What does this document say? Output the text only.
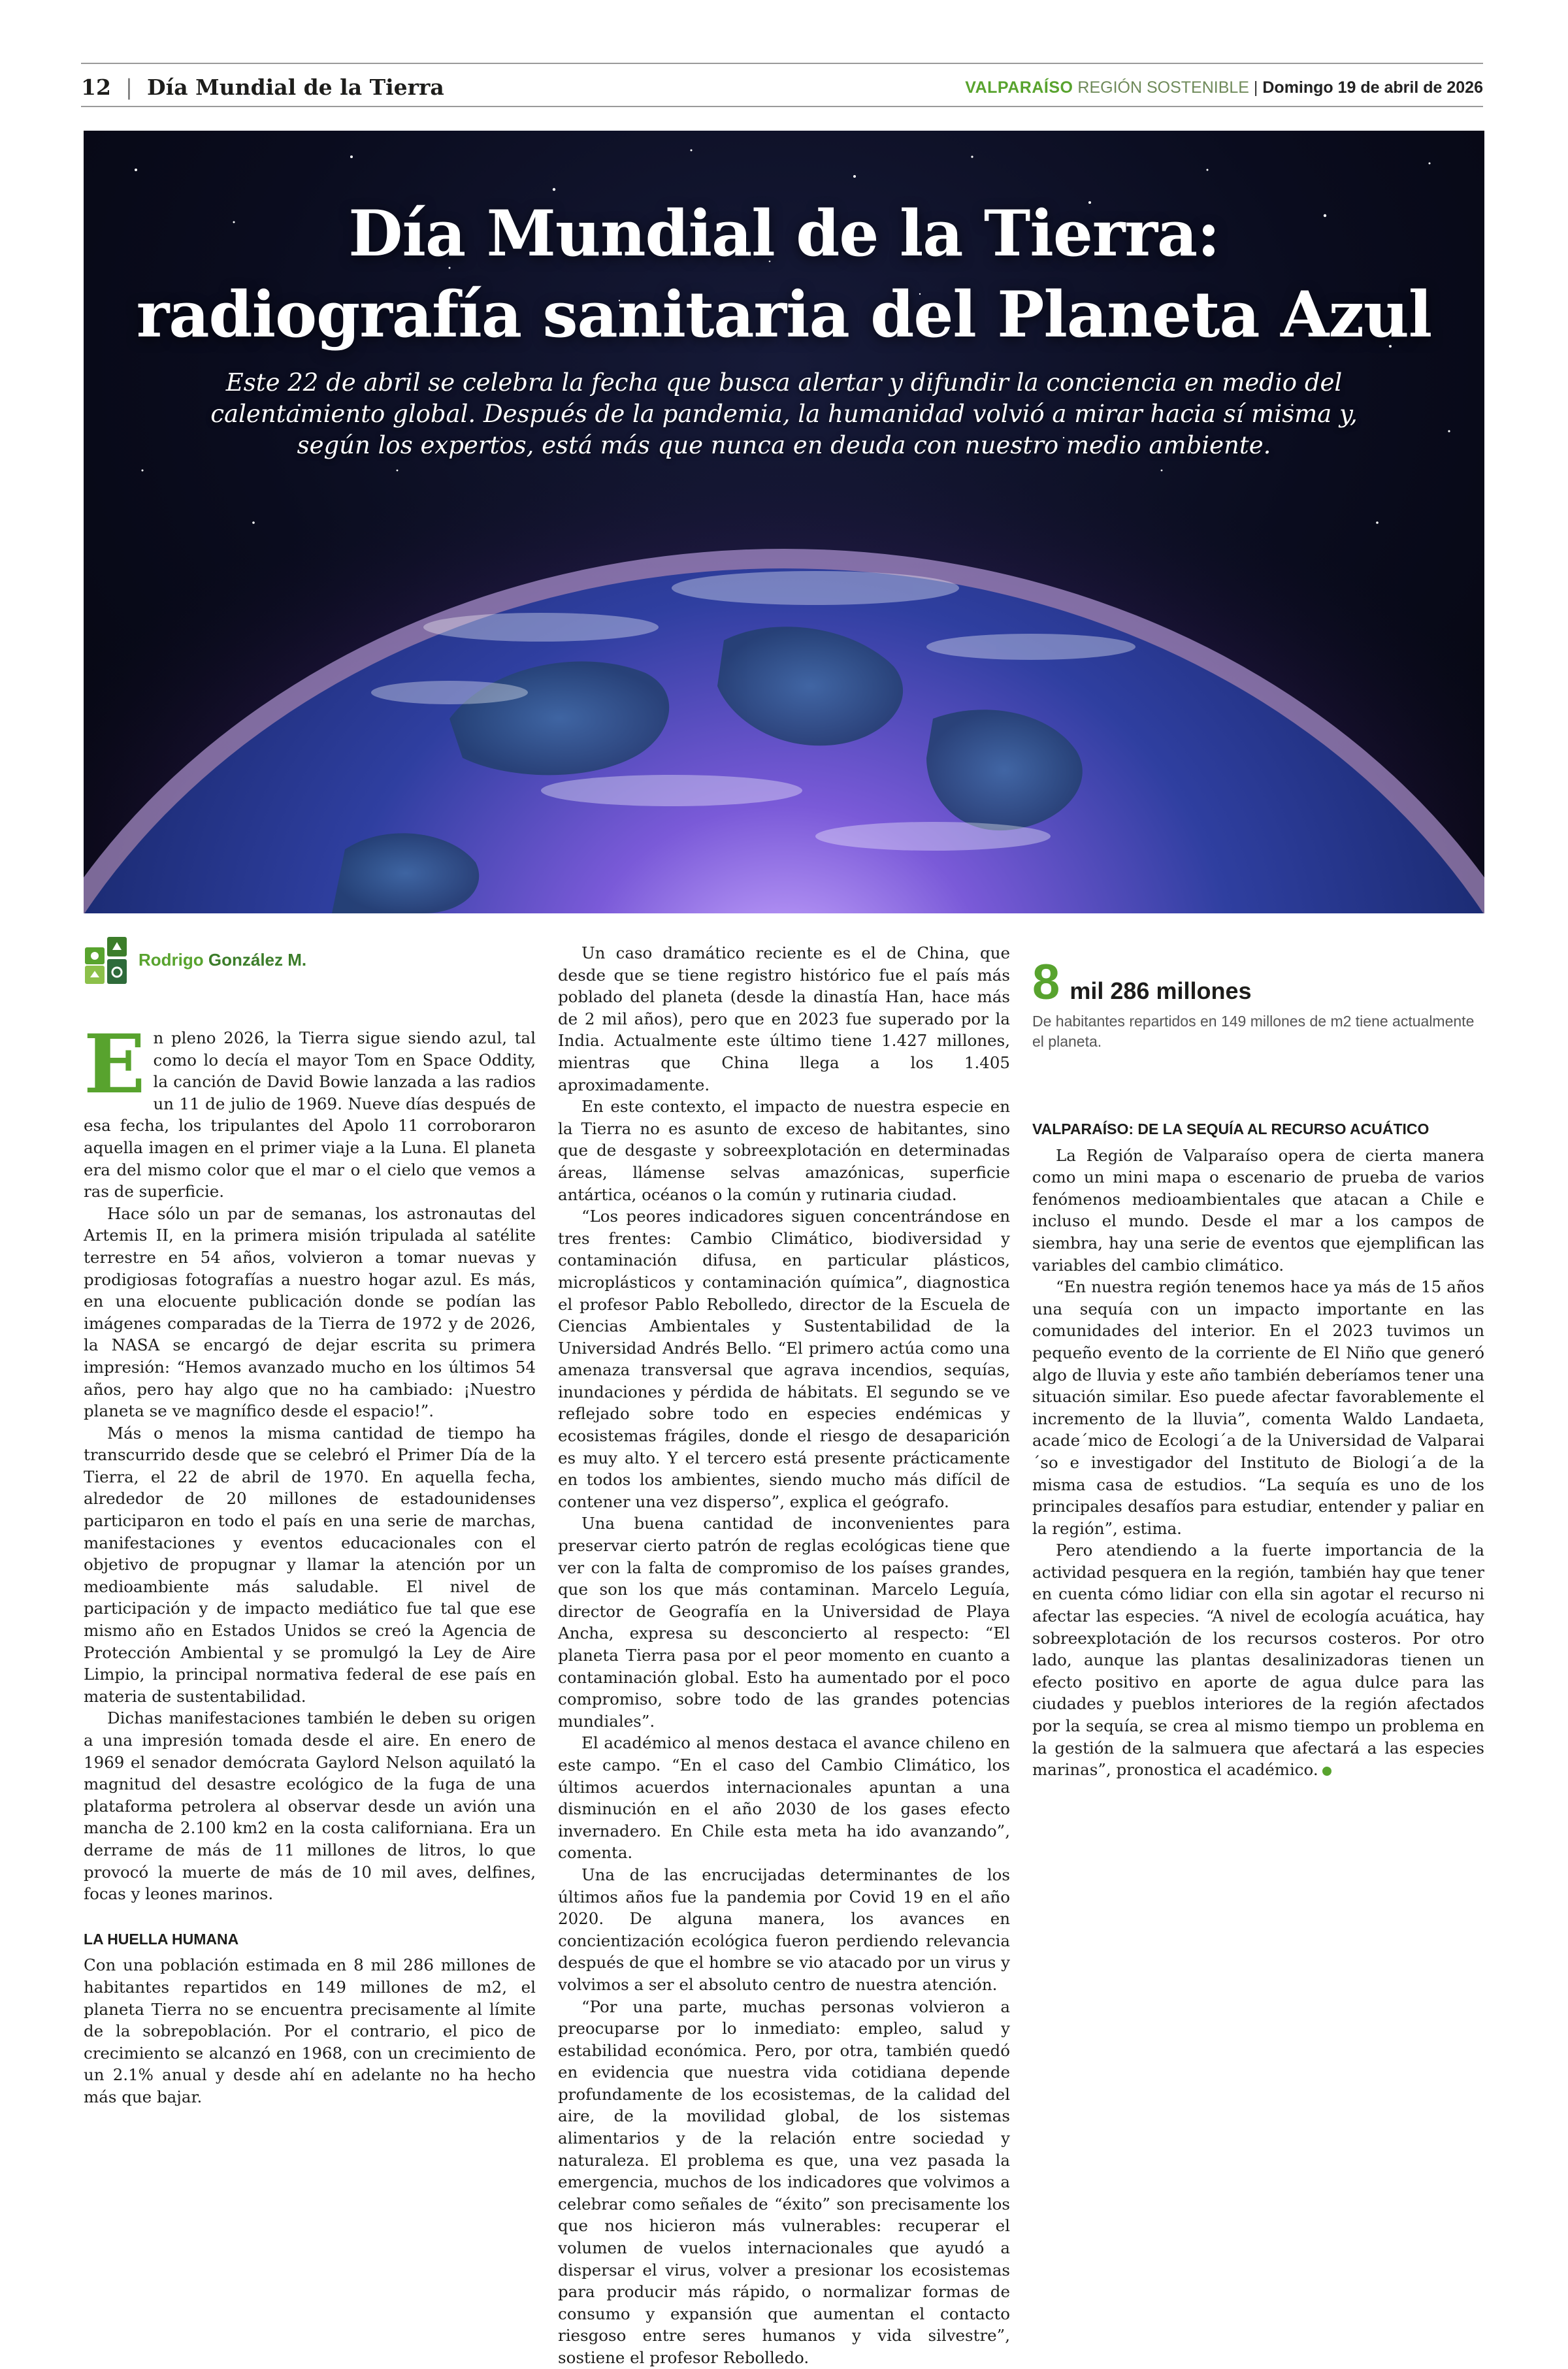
12  |  Día Mundial de la Tierra	VALPARAÍSO REGIÓN SOSTENIBLE | Domingo 19 de abril de 2026
Día Mundial de la Tierra:
radiografía sanitaria del Planeta Azul
Este 22 de abril se celebra la fecha que busca alertar y difundir la conciencia en medio del calentamiento global. Después de la pandemia, la humanidad volvió a mirar hacia sí misma y, según los expertos, está más que nunca en deuda con nuestro medio ambiente.
Rodrigo González M.	8 mil 286 millones
De habitantes repartidos en 149 millones de m2 tiene actualmente el planeta.

En pleno 2026, la Tierra sigue siendo azul, tal como lo decía el mayor Tom en Space Oddity, la canción de David Bowie lanzada a las radios un 11 de julio de 1969. Nueve días después de esa fecha, los tripulantes del Apolo 11 corroboraron aquella imagen en el primer viaje a la Luna. El planeta era del mismo color que el mar o el cielo que vemos a ras de superficie.

Hace sólo un par de semanas, los astronautas del Artemis II, en la primera misión tripulada al satélite terrestre en 54 años, volvieron a tomar nuevas y prodigiosas fotografías a nuestro hogar azul. Es más, en una elocuente publicación donde se podían las imágenes comparadas de la Tierra de 1972 y de 2026, la NASA se encargó de dejar escrita su primera impresión: “Hemos avanzado mucho en los últimos 54 años, pero hay algo que no ha cambiado: ¡Nuestro planeta se ve magnífico desde el espacio!”.

Más o menos la misma cantidad de tiempo ha transcurrido desde que se celebró el Primer Día de la Tierra, el 22 de abril de 1970. En aquella fecha, alrededor de 20 millones de estadounidenses participaron en todo el país en una serie de marchas, manifestaciones y eventos educacionales con el objetivo de propugnar y llamar la atención por un medioambiente más saludable. El nivel de participación y de impacto mediático fue tal que ese mismo año en Estados Unidos se creó la Agencia de Protección Ambiental y se promulgó la Ley de Aire Limpio, la principal normativa federal de ese país en materia de sustentabilidad.

Dichas manifestaciones también le deben su origen a una impresión tomada desde el aire. En enero de 1969 el senador demócrata Gaylord Nelson aquilató la magnitud del desastre ecológico de la fuga de una plataforma petrolera al observar desde un avión una mancha de 2.100 km2 en la costa californiana. Era un derrame de más de 11 millones de litros, lo que provocó la muerte de más de 10 mil aves, delfines, focas y leones marinos.

LA HUELLA HUMANA

Con una población estimada en 8 mil 286 millones de habitantes repartidos en 149 millones de m2, el planeta Tierra no se encuentra precisamente al límite de la sobrepoblación. Por el contrario, el pico de crecimiento se alcanzó en 1968, con un crecimiento de un 2.1% anual y desde ahí en adelante no ha hecho más que bajar.

Un caso dramático reciente es el de China, que desde que se tiene registro histórico fue el país más poblado del planeta (desde la dinastía Han, hace más de 2 mil años), pero que en 2023 fue superado por la India. Actualmente este último tiene 1.427 millones, mientras que China llega a los 1.405 aproximadamente.

En este contexto, el impacto de nuestra especie en la Tierra no es asunto de exceso de habitantes, sino que de desgaste y sobreexplotación en determinadas áreas, llámense selvas amazónicas, superficie antártica, océanos o la común y rutinaria ciudad.

“Los peores indicadores siguen concentrándose en tres frentes: Cambio Climático, biodiversidad y contaminación difusa, en particular plásticos, microplásticos y contaminación química”, diagnostica el profesor Pablo Rebolledo, director de la Escuela de Ciencias Ambientales y Sustentabilidad de la Universidad Andrés Bello. “El primero actúa como una amenaza transversal que agrava incendios, sequías, inundaciones y pérdida de hábitats. El segundo se ve reflejado sobre todo en especies endémicas y ecosistemas frágiles, donde el riesgo de desaparición es muy alto. Y el tercero está presente prácticamente en todos los ambientes, siendo mucho más difícil de contener una vez disperso”, explica el geógrafo.

Una buena cantidad de inconvenientes para preservar cierto patrón de reglas ecológicas tiene que ver con la falta de compromiso de los países grandes, que son los que más contaminan. Marcelo Leguía, director de Geografía en la Universidad de Playa Ancha, expresa su desconcierto al respecto: “El planeta Tierra pasa por el peor momento en cuanto a contaminación global. Esto ha aumentado por el poco compromiso, sobre todo de las grandes potencias mundiales”.

El académico al menos destaca el avance chileno en este campo. “En el caso del Cambio Climático, los últimos acuerdos internacionales apuntan a una disminución en el año 2030 de los gases efecto invernadero. En Chile esta meta ha ido avanzando”, comenta.

Una de las encrucijadas determinantes de los últimos años fue la pandemia por Covid 19 en el año 2020. De alguna manera, los avances en concientización ecológica fueron perdiendo relevancia después de que el hombre se vio atacado por un virus y volvimos a ser el absoluto centro de nuestra atención.

“Por una parte, muchas personas volvieron a preocuparse por lo inmediato: empleo, salud y estabilidad económica. Pero, por otra, también quedó en evidencia que nuestra vida cotidiana depende profundamente de los ecosistemas, de la calidad del aire, de la movilidad global, de los sistemas alimentarios y de la relación entre sociedad y naturaleza. El problema es que, una vez pasada la emergencia, muchos de los indicadores que volvimos a celebrar como señales de “éxito” son precisamente los que nos hicieron más vulnerables: recuperar el volumen de vuelos internacionales que ayudó a dispersar el virus, volver a presionar los ecosistemas para producir más rápido, o normalizar formas de consumo y expansión que aumentan el contacto riesgoso entre seres humanos y vida silvestre”, sostiene el profesor Rebolledo.

VALPARAÍSO: DE LA SEQUÍA AL RECURSO ACUÁTICO

La Región de Valparaíso opera de cierta manera como un mini mapa o escenario de prueba de varios fenómenos medioambientales que atacan a Chile e incluso el mundo. Desde el mar a los campos de siembra, hay una serie de eventos que ejemplifican las variables del cambio climático.

“En nuestra región tenemos hace ya más de 15 años una sequía con un impacto importante en las comunidades del interior. En el 2023 tuvimos un pequeño evento de la corriente de El Niño que generó algo de lluvia y este año también deberíamos tener una situación similar. Eso puede afectar favorablemente el incremento de la lluvia”, comenta Waldo Landaeta, acade´mico de Ecologi´a de la Universidad de Valparai´so e investigador del Instituto de Biologi´a de la misma casa de estudios. “La sequía es uno de los principales desafíos para estudiar, entender y paliar en la región”, estima.

Pero atendiendo a la fuerte importancia de la actividad pesquera en la región, también hay que tener en cuenta cómo lidiar con ella sin agotar el recurso ni afectar las especies. “A nivel de ecología acuática, hay sobreexplotación de los recursos costeros. Por otro lado, aunque las plantas desalinizadoras tienen un efecto positivo en aporte de agua dulce para las ciudades y pueblos interiores de la región afectados por la sequía, se crea al mismo tiempo un problema en la gestión de la salmuera que afectará a las especies marinas”, pronostica el académico.
